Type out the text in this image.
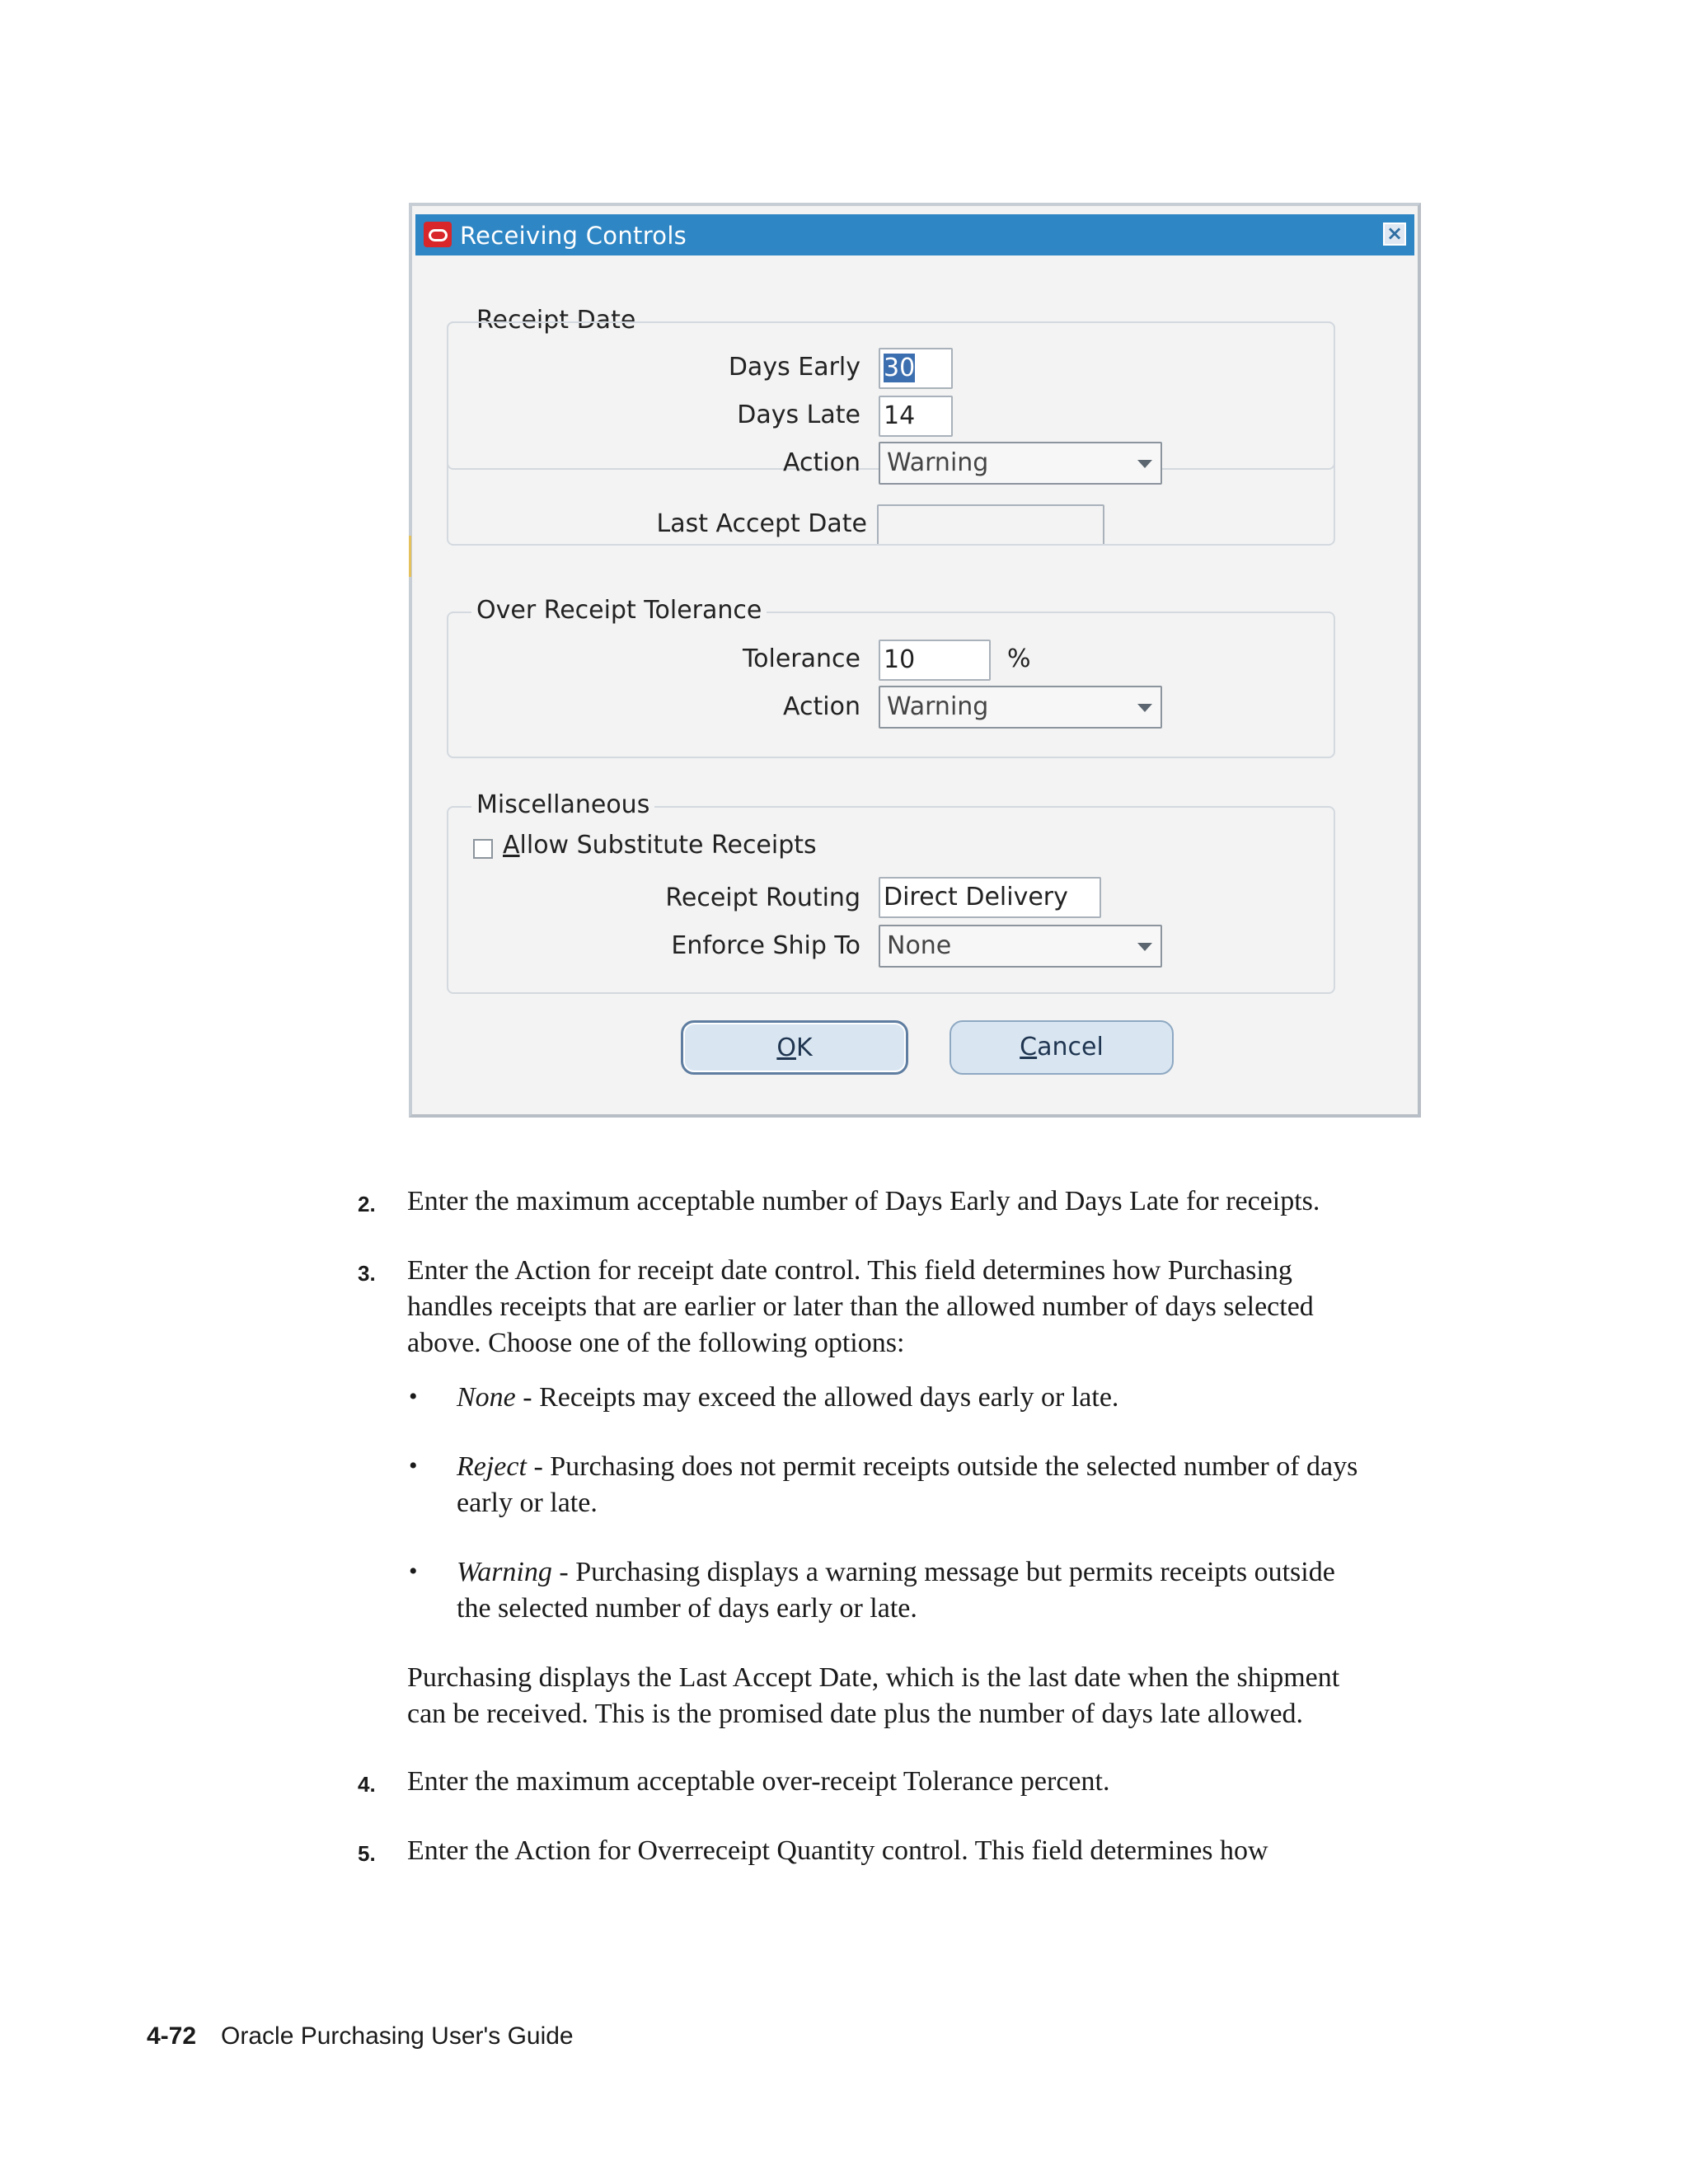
Receiving Controls	×
Receipt Date
Days Early 30
Days Late 14
Action Warning
Last Accept Date
Over Receipt Tolerance
Tolerance 10	%
Action Warning
Miscellaneous
Allow Substitute Receipts
Receipt Routing Direct Delivery
Enforce Ship To None
OK	Cancel
2. Enter the maximum acceptable number of Days Early and Days Late for receipts.
3. Enter the Action for receipt date control. This field determines how Purchasing
handles receipts that are earlier or later than the allowed number of days selected
above. Choose one of the following options:
• None - Receipts may exceed the allowed days early or late.
• Reject - Purchasing does not permit receipts outside the selected number of days
early or late.
• Warning - Purchasing displays a warning message but permits receipts outside
the selected number of days early or late.
Purchasing displays the Last Accept Date, which is the last date when the shipment
can be received. This is the promised date plus the number of days late allowed.
4. Enter the maximum acceptable over-receipt Tolerance percent.
5. Enter the Action for Overreceipt Quantity control. This field determines how
4-72 Oracle Purchasing User's Guide
